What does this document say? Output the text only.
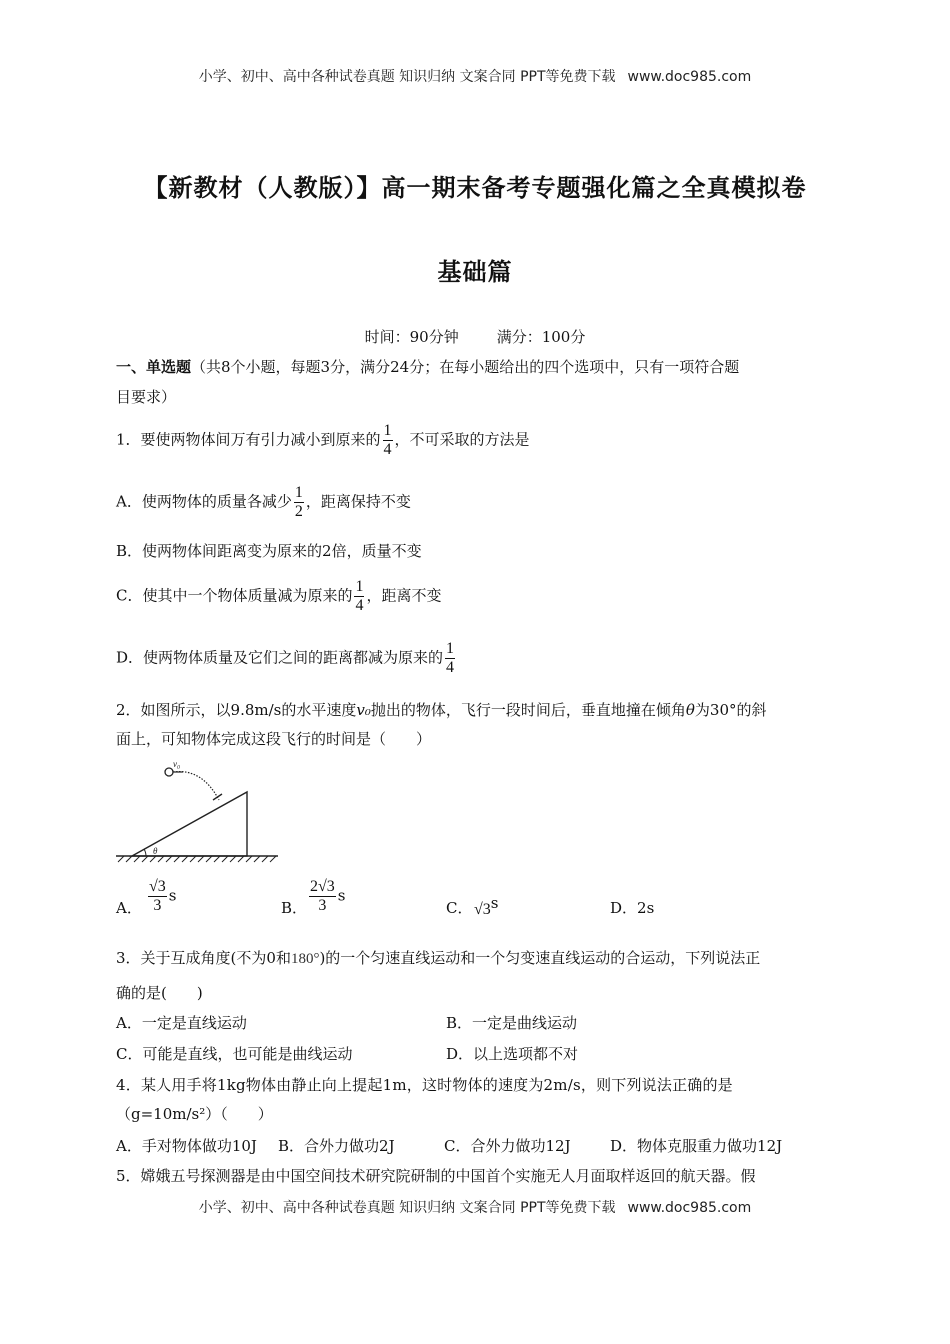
小学、初中、高中各种试卷真题 知识归纳 文案合同 PPT等免费下载 www.doc985.com
【新教材（人教版）】高一期末备考专题强化篇之全真模拟卷
基础篇
时间：90分钟	满分：100分
一、单选题（共8个小题，每题3分，满分24分；在每小题给出的四个选项中，只有一项符合题
目要求）
1．要使两物体间万有引力减小到原来的 $\frac{1}{4}$ ，不可采取的方法是
A．使两物体的质量各减少 $\frac{1}{2}$ ，距离保持不变
B．使两物体间距离变为原来的2倍，质量不变
C．使其中一个物体质量减为原来的 $\frac{1}{4}$ ，距离不变
D．使两物体质量及它们之间的距离都减为原来的 $\frac{1}{4}$
2．如图所示，以9.8m/s的水平速度v₀抛出的物体，飞行一段时间后，垂直地撞在倾角θ为30°的斜
面上，可知物体完成这段飞行的时间是（　　）
v₀
θ
A． $\frac{√3}{3}$ s
B． $\frac{2√3}{3}$ s
C． √3s	D．2s
3．关于互成角度(不为0和180°)的一个匀速直线运动和一个匀变速直线运动的合运动，下列说法正
确的是(　　)
A．一定是直线运动	B．一定是曲线运动
C．可能是直线，也可能是曲线运动	D．以上选项都不对
4．某人用手将1kg物体由静止向上提起1m，这时物体的速度为2m/s，则下列说法正确的是
（g=10m/s²）（　　）
A．手对物体做功10J B．合外力做功2J	C．合外力做功12J	D．物体克服重力做功12J
5．嫦娥五号探测器是由中国空间技术研究院研制的中国首个实施无人月面取样返回的航天器。假
小学、初中、高中各种试卷真题 知识归纳 文案合同 PPT等免费下载 www.doc985.com
